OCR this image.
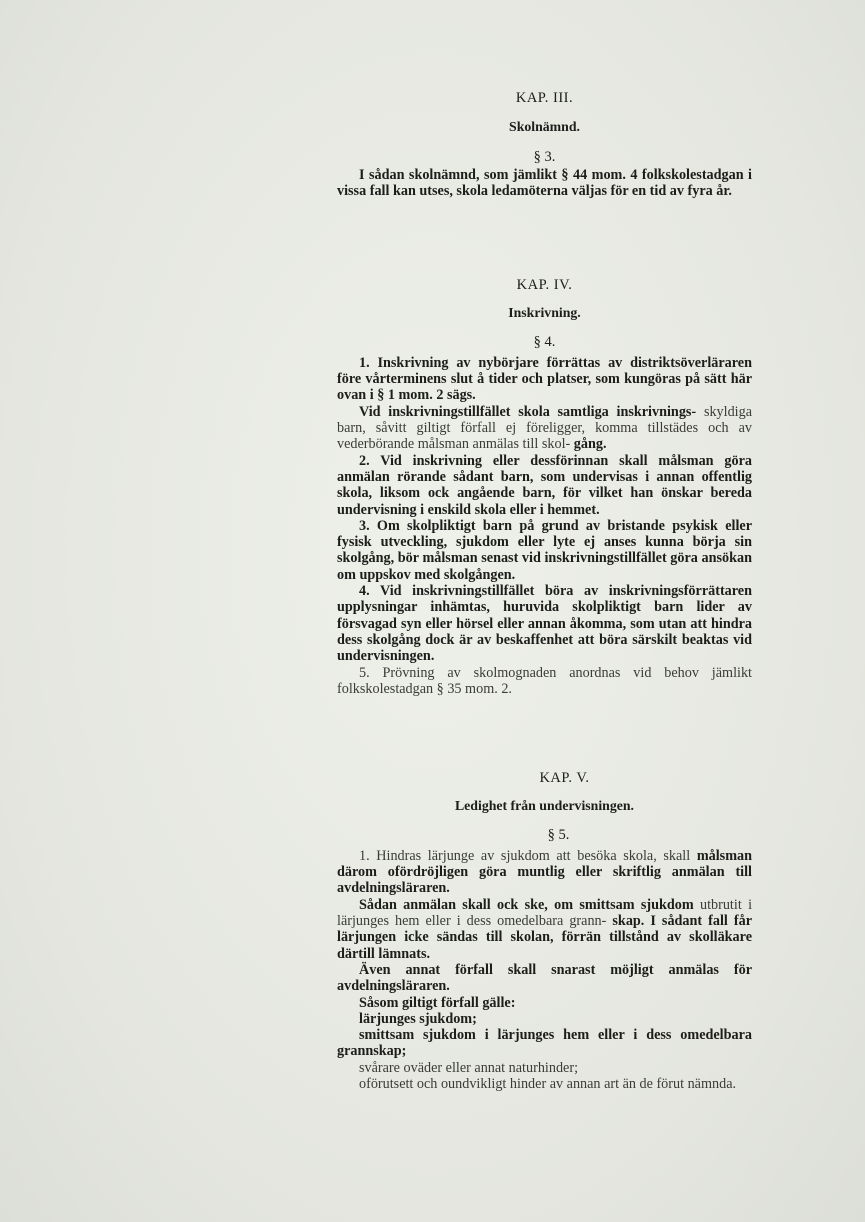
KAP. III.
Skolnämnd.
§ 3.

I sådan skolnämnd, som jämlikt § 44 mom. 4 folkskolestadgan i vissa fall kan utses, skola ledamöterna väljas för en tid av fyra år.

KAP. IV.
Inskrivning.
§ 4.

1. Inskrivning av nybörjare förrättas av distriktsöverläraren före vårterminens slut å tider och platser, som kungöras på sätt här ovan i § 1 mom. 2 sägs.

Vid inskrivningstillfället skola samtliga inskrivnings- skyldiga barn, såvitt giltigt förfall ej föreligger, komma tillstädes och av vederbörande målsman anmälas till skol- gång.

2. Vid inskrivning eller dessförinnan skall målsman göra anmälan rörande sådant barn, som undervisas i annan offentlig skola, liksom ock angående barn, för vilket han önskar bereda undervisning i enskild skola eller i hemmet.

3. Om skolpliktigt barn på grund av bristande psykisk eller fysisk utveckling, sjukdom eller lyte ej anses kunna börja sin skolgång, bör målsman senast vid inskrivningstillfället göra ansökan om uppskov med skolgången.

4. Vid inskrivningstillfället böra av inskrivningsförrättaren upplysningar inhämtas, huruvida skolpliktigt barn lider av försvagad syn eller hörsel eller annan åkomma, som utan att hindra dess skolgång dock är av beskaffenhet att böra särskilt beaktas vid undervisningen.

5. Prövning av skolmognaden anordnas vid behov jämlikt folkskolestadgan § 35 mom. 2.

KAP. V.
Ledighet från undervisningen.
§ 5.

1. Hindras lärjunge av sjukdom att besöka skola, skall målsman därom ofördröjligen göra muntlig eller skriftlig anmälan till avdelningsläraren.

Sådan anmälan skall ock ske, om smittsam sjukdom utbrutit i lärjunges hem eller i dess omedelbara grann- skap. I sådant fall får lärjungen icke sändas till skolan, förrän tillstånd av skolläkare därtill lämnats.

Även annat förfall skall snarast möjligt anmälas för avdelningsläraren.

Såsom giltigt förfall gälle:

lärjunges sjukdom;

smittsam sjukdom i lärjunges hem eller i dess omedelbara grannskap;

svårare oväder eller annat naturhinder;

oförutsett och oundvikligt hinder av annan art än de förut nämnda.
